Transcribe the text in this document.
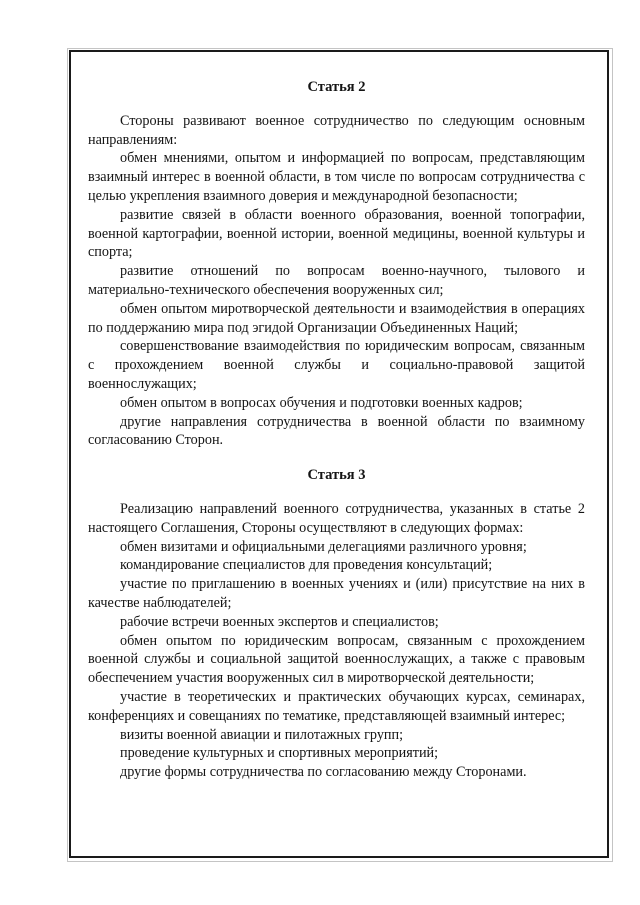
Статья 2

Стороны развивают военное сотрудничество по следующим основным направлениям:

обмен мнениями, опытом и информацией по вопросам, представляющим взаимный интерес в военной области, в том числе по вопросам сотрудничества с целью укрепления взаимного доверия и международной безопасности;

развитие связей в области военного образования, военной топографии, военной картографии, военной истории, военной медицины, военной культуры и спорта;

развитие отношений по вопросам военно-научного, тылового и материально-технического обеспечения вооруженных сил;

обмен опытом миротворческой деятельности и взаимодействия в операциях по поддержанию мира под эгидой Организации Объединенных Наций;

совершенствование взаимодействия по юридическим вопросам, связанным с прохождением военной службы и социально-правовой защитой военнослужащих;

обмен опытом в вопросах обучения и подготовки военных кадров;

другие направления сотрудничества в военной области по взаимному согласованию Сторон.

Статья 3

Реализацию направлений военного сотрудничества, указанных в статье 2 настоящего Соглашения, Стороны осуществляют в следующих формах:

обмен визитами и официальными делегациями различного уровня;

командирование специалистов для проведения консультаций;

участие по приглашению в военных учениях и (или) присутствие на них в качестве наблюдателей;

рабочие встречи военных экспертов и специалистов;

обмен опытом по юридическим вопросам, связанным с прохождением военной службы и социальной защитой военнослужащих, а также с правовым обеспечением участия вооруженных сил в миротворческой деятельности;

участие в теоретических и практических обучающих курсах, семинарах, конференциях и совещаниях по тематике, представляющей взаимный интерес;

визиты военной авиации и пилотажных групп;

проведение культурных и спортивных мероприятий;

другие формы сотрудничества по согласованию между Сторонами.
